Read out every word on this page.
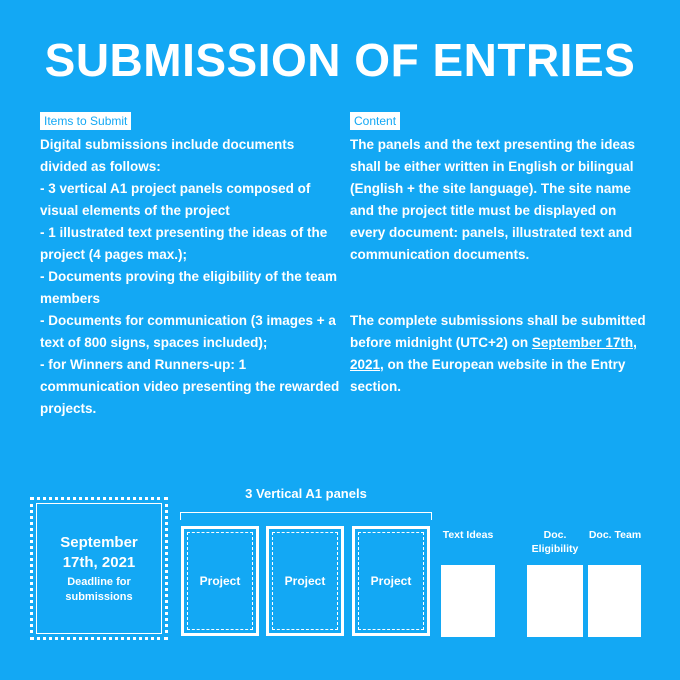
SUBMISSION OF ENTRIES
Items to Submit

Digital submissions include documents divided as follows:

- 3 vertical A1 project panels composed of visual elements of the project

- 1 illustrated text presenting the ideas of the project (4 pages max.);

- Documents proving the eligibility of the team members

- Documents for communication (3 images + a text of 800 signs, spaces included);

- for Winners and Runners-up: 1 communication video presenting the rewarded projects.

Content

The panels and the text presenting the ideas shall be either written in English or bilingual (English + the site language). The site name and the project title must be displayed on every document: panels, illustrated text and communication documents.

The complete submissions shall be submitted before midnight (UTC+2) on September 17th, 2021, on the European website in the Entry section.

September 17th, 2021
Deadline for submissions
3 Vertical A1 panels
Project	Project	Project
Text Ideas	Doc. Eligibility
Doc. Team
